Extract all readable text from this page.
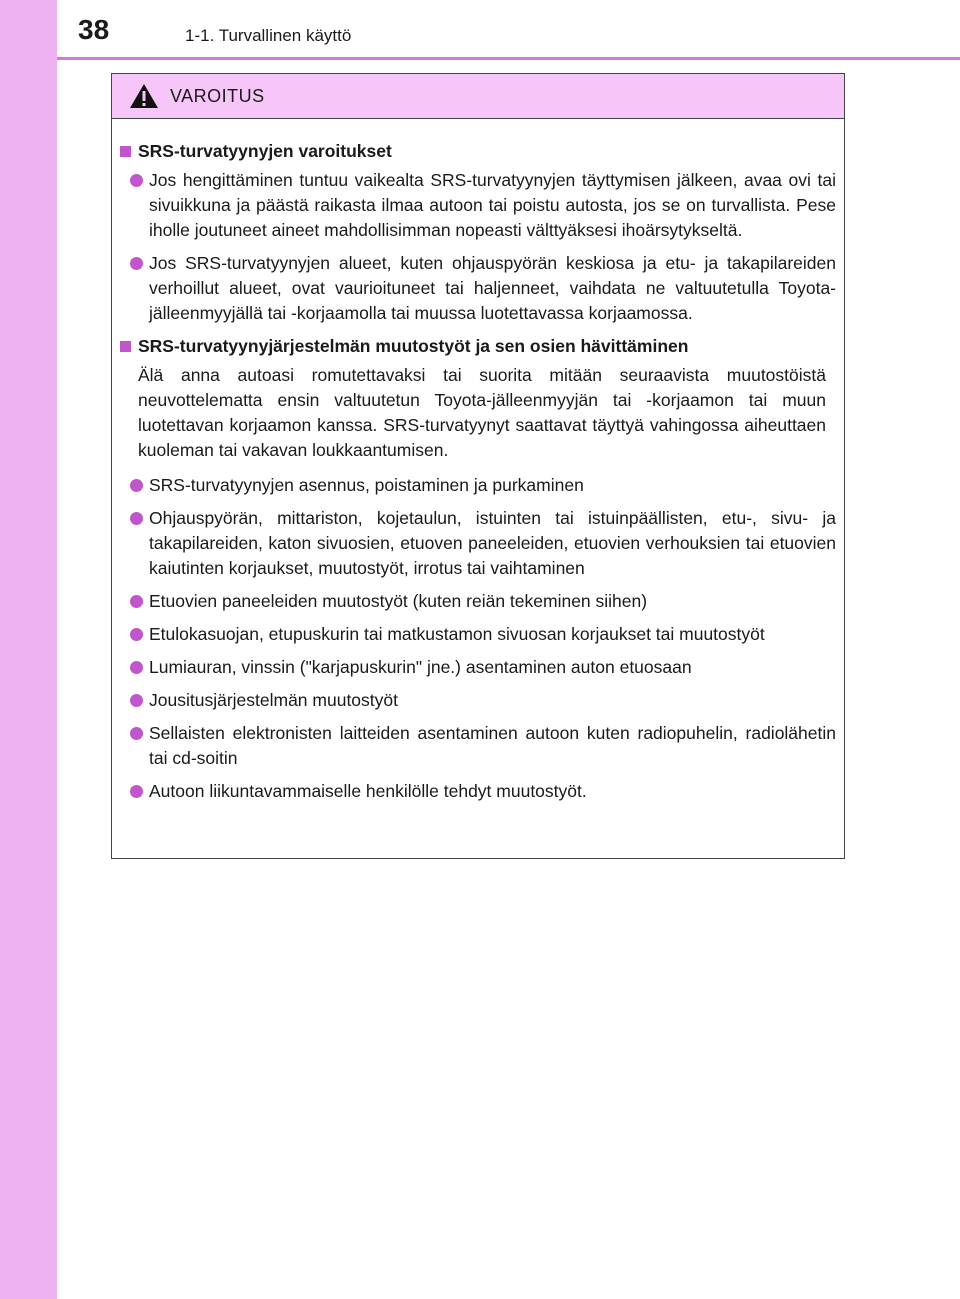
38	1-1. Turvallinen käyttö
VAROITUS
SRS-turvatyynyjen varoitukset
Jos hengittäminen tuntuu vaikealta SRS-turvatyynyjen täyttymisen jälkeen, avaa ovi tai sivuikkuna ja päästä raikasta ilmaa autoon tai poistu autosta, jos se on turvallista. Pese iholle joutuneet aineet mahdollisimman nopeasti välttyäksesi ihoärsytykseltä.
Jos SRS-turvatyynyjen alueet, kuten ohjauspyörän keskiosa ja etu- ja takapilareiden verhoillut alueet, ovat vaurioituneet tai haljenneet, vaihdata ne valtuutetulla Toyota-jälleenmyyjällä tai -korjaamolla tai muussa luotettavassa korjaamossa.
SRS-turvatyynyjärjestelmän muutostyöt ja sen osien hävittäminen
Älä anna autoasi romutettavaksi tai suorita mitään seuraavista muutostöistä neuvottelematta ensin valtuutetun Toyota-jälleenmyyjän tai -korjaamon tai muun luotettavan korjaamon kanssa. SRS-turvatyynyt saattavat täyttyä vahingossa aiheuttaen kuoleman tai vakavan loukkaantumisen.
SRS-turvatyynyjen asennus, poistaminen ja purkaminen
Ohjauspyörän, mittariston, kojetaulun, istuinten tai istuinpäällisten, etu-, sivu- ja takapilareiden, katon sivuosien, etuoven paneeleiden, etuovien verhouksien tai etuovien kaiutinten korjaukset, muutostyöt, irrotus tai vaihtaminen
Etuovien paneeleiden muutostyöt (kuten reiän tekeminen siihen)
Etulokasuojan, etupuskurin tai matkustamon sivuosan korjaukset tai muutostyöt
Lumiauran, vinssin ("karjapuskurin" jne.) asentaminen auton etuosaan
Jousitusjärjestelmän muutostyöt
Sellaisten elektronisten laitteiden asentaminen autoon kuten radiopuhelin, radiolähetin tai cd-soitin
Autoon liikuntavammaiselle henkilölle tehdyt muutostyöt.
